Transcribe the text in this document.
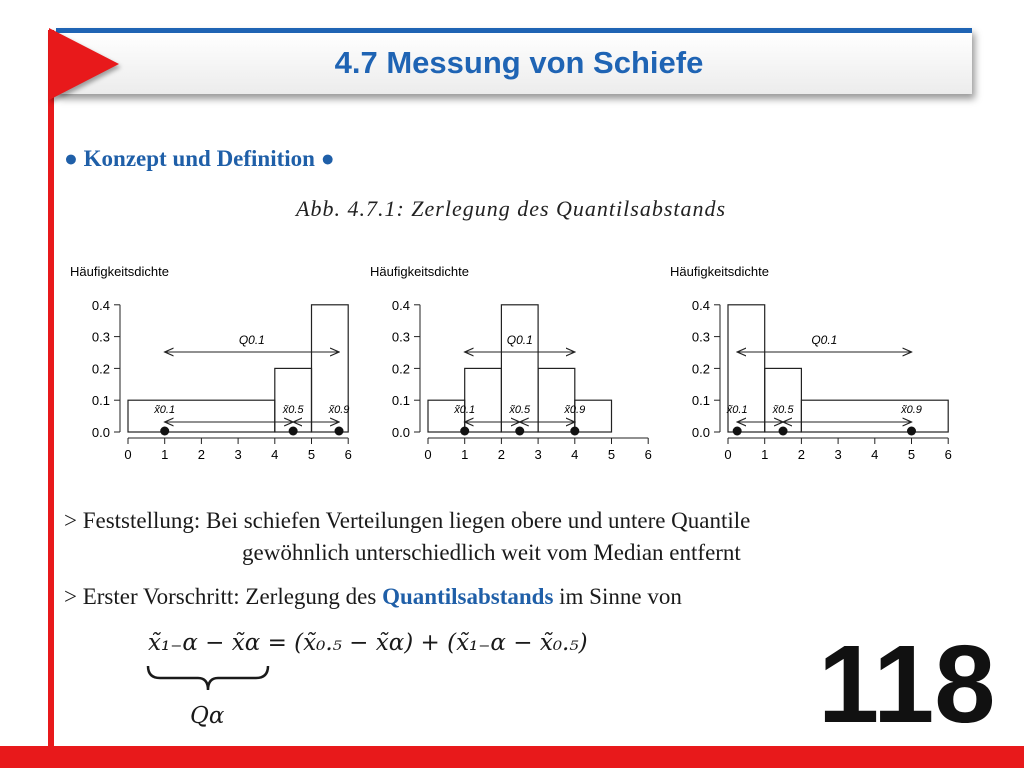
4.7 Messung von Schiefe
● Konzept und Definition ●
Abb. 4.7.1: Zerlegung des Quantilsabstands
Häufigkeitsdichte
0.0
0.1
0.2
0.3
0.4
0 1 2 3 4 5 6
Q0.1
x̃0.1	x̃0.5 x̃0.9
Häufigkeitsdichte
0.0
0.1
0.2
0.3
0.4
0 1 2 3 4 5 6
Q0.1
x̃0.1	x̃0.5	x̃0.9
Häufigkeitsdichte
0.0
0.1
0.2
0.3
0.4
0 1 2 3 4 5 6
Q0.1
x̃0.1 x̃0.5	x̃0.9
> Feststellung: Bei schiefen Verteilungen liegen obere und untere Quantile
gewöhnlich unterschiedlich weit vom Median entfernt
> Erster Vorschritt: Zerlegung des Quantilsabstands im Sinne von
x̃₁₋α − x̃α = (x̃₀.₅ − x̃α) + (x̃₁₋α − x̃₀.₅)
Qα	118
